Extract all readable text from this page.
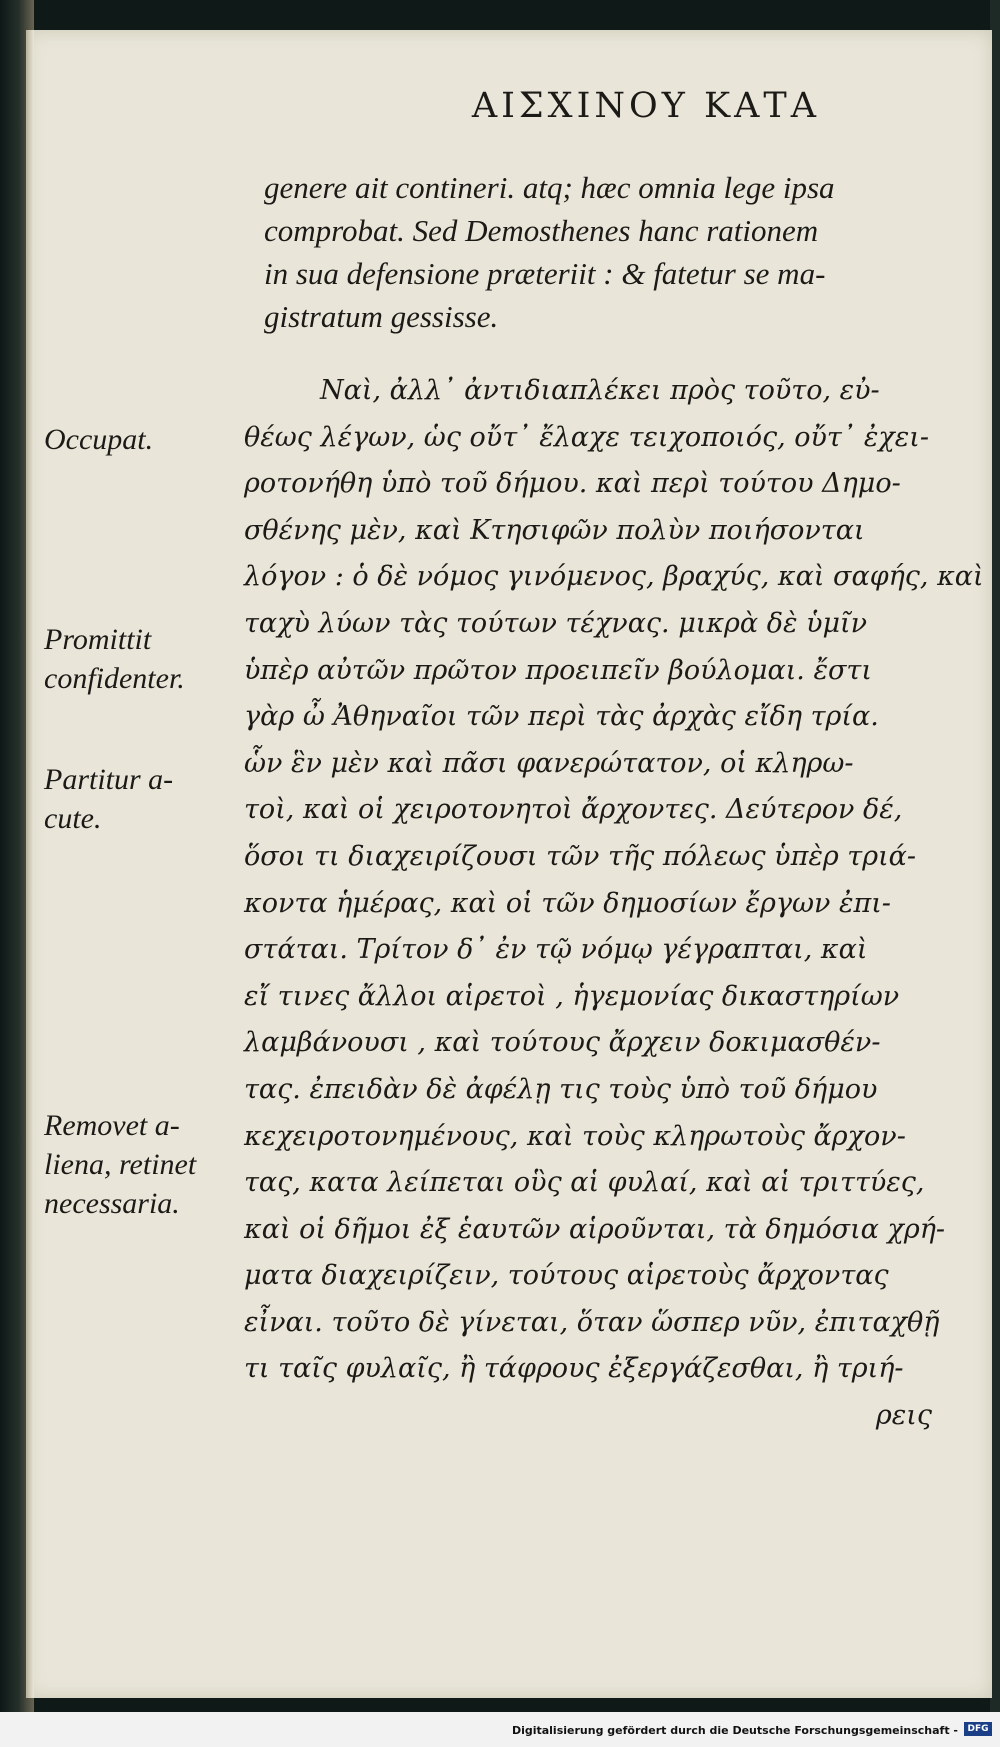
ΑΙΣΧΙΝΟΥ ΚΑΤΑ
genere ait contineri. atq; hæc omnia lege ipsa
comprobat. Sed Demosthenes hanc rationem
in sua defensione præteriit : & fatetur se ma-
gistratum gessisse.
Occupat.
Promittit
confidenter.
Partitur a-
cute.
Removet a-
liena, retinet
necessaria.
Ναὶ, ἀλλ᾽ ἀντιδιαπλέκει πρὸς τοῦτο, εὐ-
θέως λέγων, ὡς οὔτ᾽ ἔλαχε τειχοποιός, οὔτ᾽ ἐχει-
ροτονήθη ὑπὸ τοῦ δήμου. καὶ περὶ τούτου Δημο-
σθένης μὲν, καὶ Κτησιφῶν πολὺν ποιήσονται
λόγον : ὁ δὲ νόμος γινόμενος, βραχύς, καὶ σαφής, καὶ
ταχὺ λύων τὰς τούτων τέχνας. μικρὰ δὲ ὑμῖν
ὑπὲρ αὐτῶν πρῶτον προειπεῖν βούλομαι. ἔστι
γὰρ ὦ Ἀθηναῖοι τῶν περὶ τὰς ἀρχὰς εἴδη τρία.
ὧν ἓν μὲν καὶ πᾶσι φανερώτατον, οἱ κληρω-
τοὶ, καὶ οἱ χειροτονητοὶ ἄρχοντες. Δεύτερον δέ,
ὅσοι τι διαχειρίζουσι τῶν τῆς πόλεως ὑπὲρ τριά-
κοντα ἡμέρας, καὶ οἱ τῶν δημοσίων ἔργων ἐπι-
στάται. Τρίτον δ᾽ ἐν τῷ νόμῳ γέγραπται, καὶ
εἴ τινες ἄλλοι αἱρετοὶ , ἡγεμονίας δικαστηρίων
λαμβάνουσι , καὶ τούτους ἄρχειν δοκιμασθέν-
τας. ἐπειδὰν δὲ ἀφέλῃ τις τοὺς ὑπὸ τοῦ δήμου
κεχειροτονημένους, καὶ τοὺς κληρωτοὺς ἄρχον-
τας, κατα λείπεται οὓς αἱ φυλαί, καὶ αἱ τριττύες,
καὶ οἱ δῆμοι ἐξ ἑαυτῶν αἱροῦνται, τὰ δημόσια χρή-
ματα διαχειρίζειν, τούτους αἱρετοὺς ἄρχοντας
εἶναι. τοῦτο δὲ γίνεται, ὅταν ὥσπερ νῦν, ἐπιταχθῇ
τι ταῖς φυλαῖς, ἢ τάφρους ἐξεργάζεσθαι, ἢ τριή-
ρεις
Digitalisierung gefördert durch die Deutsche Forschungsgemeinschaft -	DFG
